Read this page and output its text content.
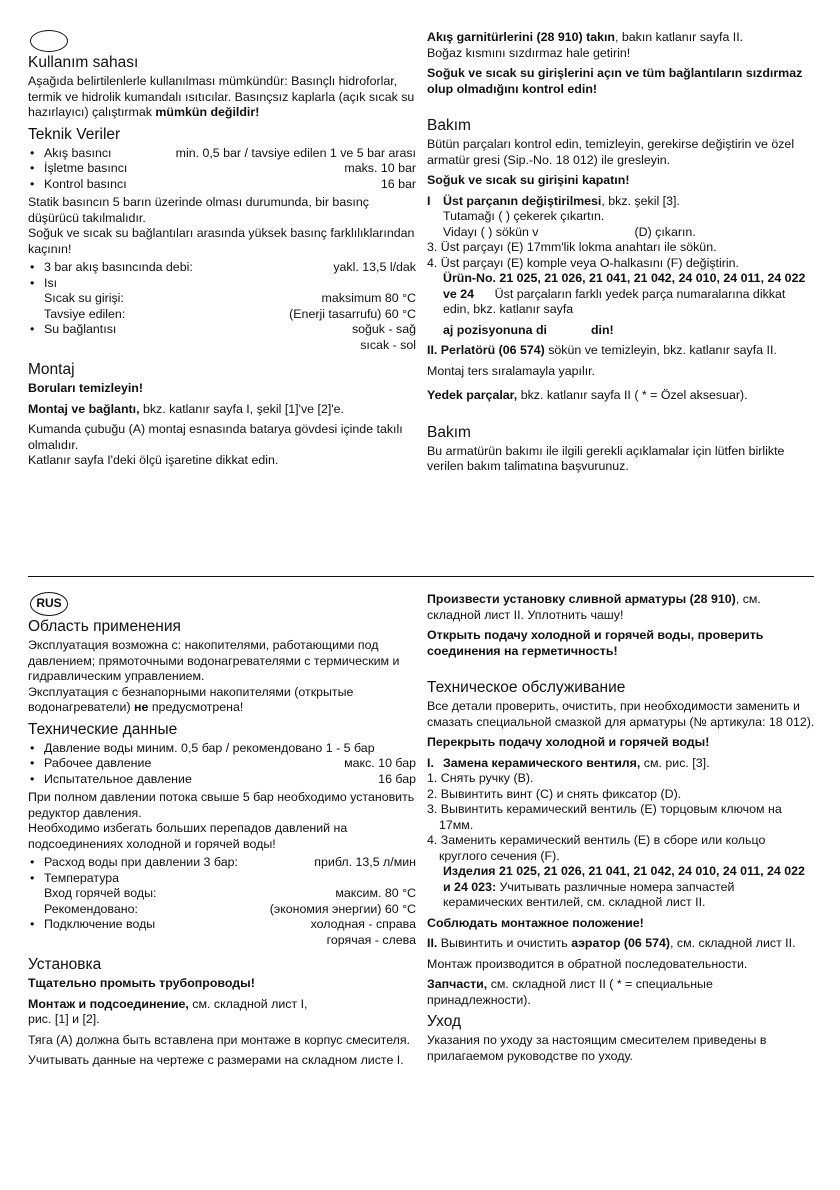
Kullanım sahası

Aşağıda belirtilenlerle kullanılması mümkündür: Basınçlı hidroforlar, termik ve hidrolik kumandalı ısıtıcılar. Basınçsız kaplarla (açık sıcak su hazırlayıcı) çalıştırmak mümkün değildir!

Teknik Veriler
• Akış basıncı	min. 0,5 bar / tavsiye edilen 1 ve 5 bar arası
• İşletme basıncı	maks. 10 bar
• Kontrol basıncı	16 bar
Statik basıncın 5 barın üzerinde olması durumunda, bir basınç düşürücü takılmalıdır.
Soğuk ve sıcak su bağlantıları arasında yüksek basınç farklılıklarından kaçının!
• 3 bar akış basıncında debi:	yakl. 13,5 l/dak
• Isı
Sıcak su girişi:	maksimum 80 °C
Tavsiye edilen:	(Enerji tasarrufu) 60 °C
• Su bağlantısı	soğuk - sağ
sıcak - sol
Montaj

Boruları temizleyin!

Montaj ve bağlantı, bkz. katlanır sayfa I, şekil [1]'ve [2]'e.

Kumanda çubuğu (A) montaj esnasında batarya gövdesi içinde takılı olmalıdır.
Katlanır sayfa I'deki ölçü işaretine dikkat edin.
Akış garnitürlerini (28 910) takın, bakın katlanır sayfa II.

Boğaz kısmını sızdırmaz hale getirin!

Soğuk ve sıcak su girişlerini açın ve tüm bağlantıların sızdırmaz olup olmadığını kontrol edin!

Bakım

Bütün parçaları kontrol edin, temizleyin, gerekirse değiştirin ve özel armatür gresi (Sip.-No. 18 012) ile gresleyin.

Soğuk ve sıcak su girişini kapatın!

I Üst parçanın değiştirilmesi, bkz. şekil [3].
Tutamağı ( ) çekerek çıkartın.
Vidayı ( ) sökün v	(D) çıkarın.
3. Üst parçayı (E) 17mm'lik lokma anahtarı ile sökün.
4. Üst parçayı (E) komple veya O-halkasını (F) değiştirin.

Ürün-No. 21 025, 21 026, 21 041, 21 042, 24 010, 24 011, 24 022 ve 24 Üst parçaların farklı yedek parça numaralarına dikkat edin, bkz. katlanır sayfa

aj pozisyonuna di	din!

II. Perlatörü (06 574) sökün ve temizleyin, bkz. katlanır sayfa II.

Montaj ters sıralamayla yapılır.

Yedek parçalar, bkz. katlanır sayfa II ( * = Özel aksesuar).

Bakım

Bu armatürün bakımı ile ilgili gerekli açıklamalar için lütfen birlikte verilen bakım talimatına başvurunuz.

RUS
Область применения
Эксплуатация возможна с: накопителями, работающими под давлением; прямоточными водонагревателями с термическим и гидравлическим управлением.

Эксплуатация с безнапорными накопителями (открытые водонагреватели) не предусмотрена!

Технические данные
• Давление воды миним. 0,5 бар / рекомендовано 1 - 5 бар
• Рабочее давление	макс. 10 бар
• Испытательное давление	16 бар
При полном давлении потока свыше 5 бар необходимо установить редуктор давления.
Необходимо избегать больших перепадов давлений на подсоединениях холодной и горячей воды!
• Расход воды при давлении 3 бар:	прибл. 13,5 л/мин
• Температура
Вход горячей воды:	максим. 80 °C
Рекомендовано:	(экономия энергии) 60 °C
• Подключение воды	холодная - справа
горячая - слева
Установка

Тщательно промыть трубопроводы!

Монтаж и подсоединение, см. складной лист I,

рис. [1] и [2].

Тяга (A) должна быть вставлена при монтаже в корпус смесителя.

Учитывать данные на чертеже с размерами на складном листе I.

Произвести установку сливной арматуры (28 910), см. складной лист II. Уплотнить чашу!

Открыть подачу холодной и горячей воды, проверить соединения на герметичность!

Техническое обслуживание

Все детали проверить, очистить, при необходимости заменить и смазать специальной смазкой для арматуры (№ артикула: 18 012).

Перекрыть подачу холодной и горячей воды!

I. Замена керамического вентиля, см. рис. [3].
1. Снять ручку (B).
2. Вывинтить винт (C) и снять фиксатор (D).
3. Вывинтить керамический вентиль (E) торцовым ключом на 17мм.
4. Заменить керамический вентиль (E) в сборе или кольцо круглого сечения (F).

Изделия 21 025, 21 026, 21 041, 21 042, 24 010, 24 011, 24 022 и 24 023: Учитывать различные номера запчастей керамических вентилей, см. складной лист II.

Соблюдать монтажное положение!

II. Вывинтить и очистить аэратор (06 574), см. складной лист II.

Монтаж производится в обратной последовательности.

Запчасти, см. складной лист II ( * = специальные принадлежности).

Уход

Указания по уходу за настоящим смесителем приведены в прилагаемом руководстве по уходу.
